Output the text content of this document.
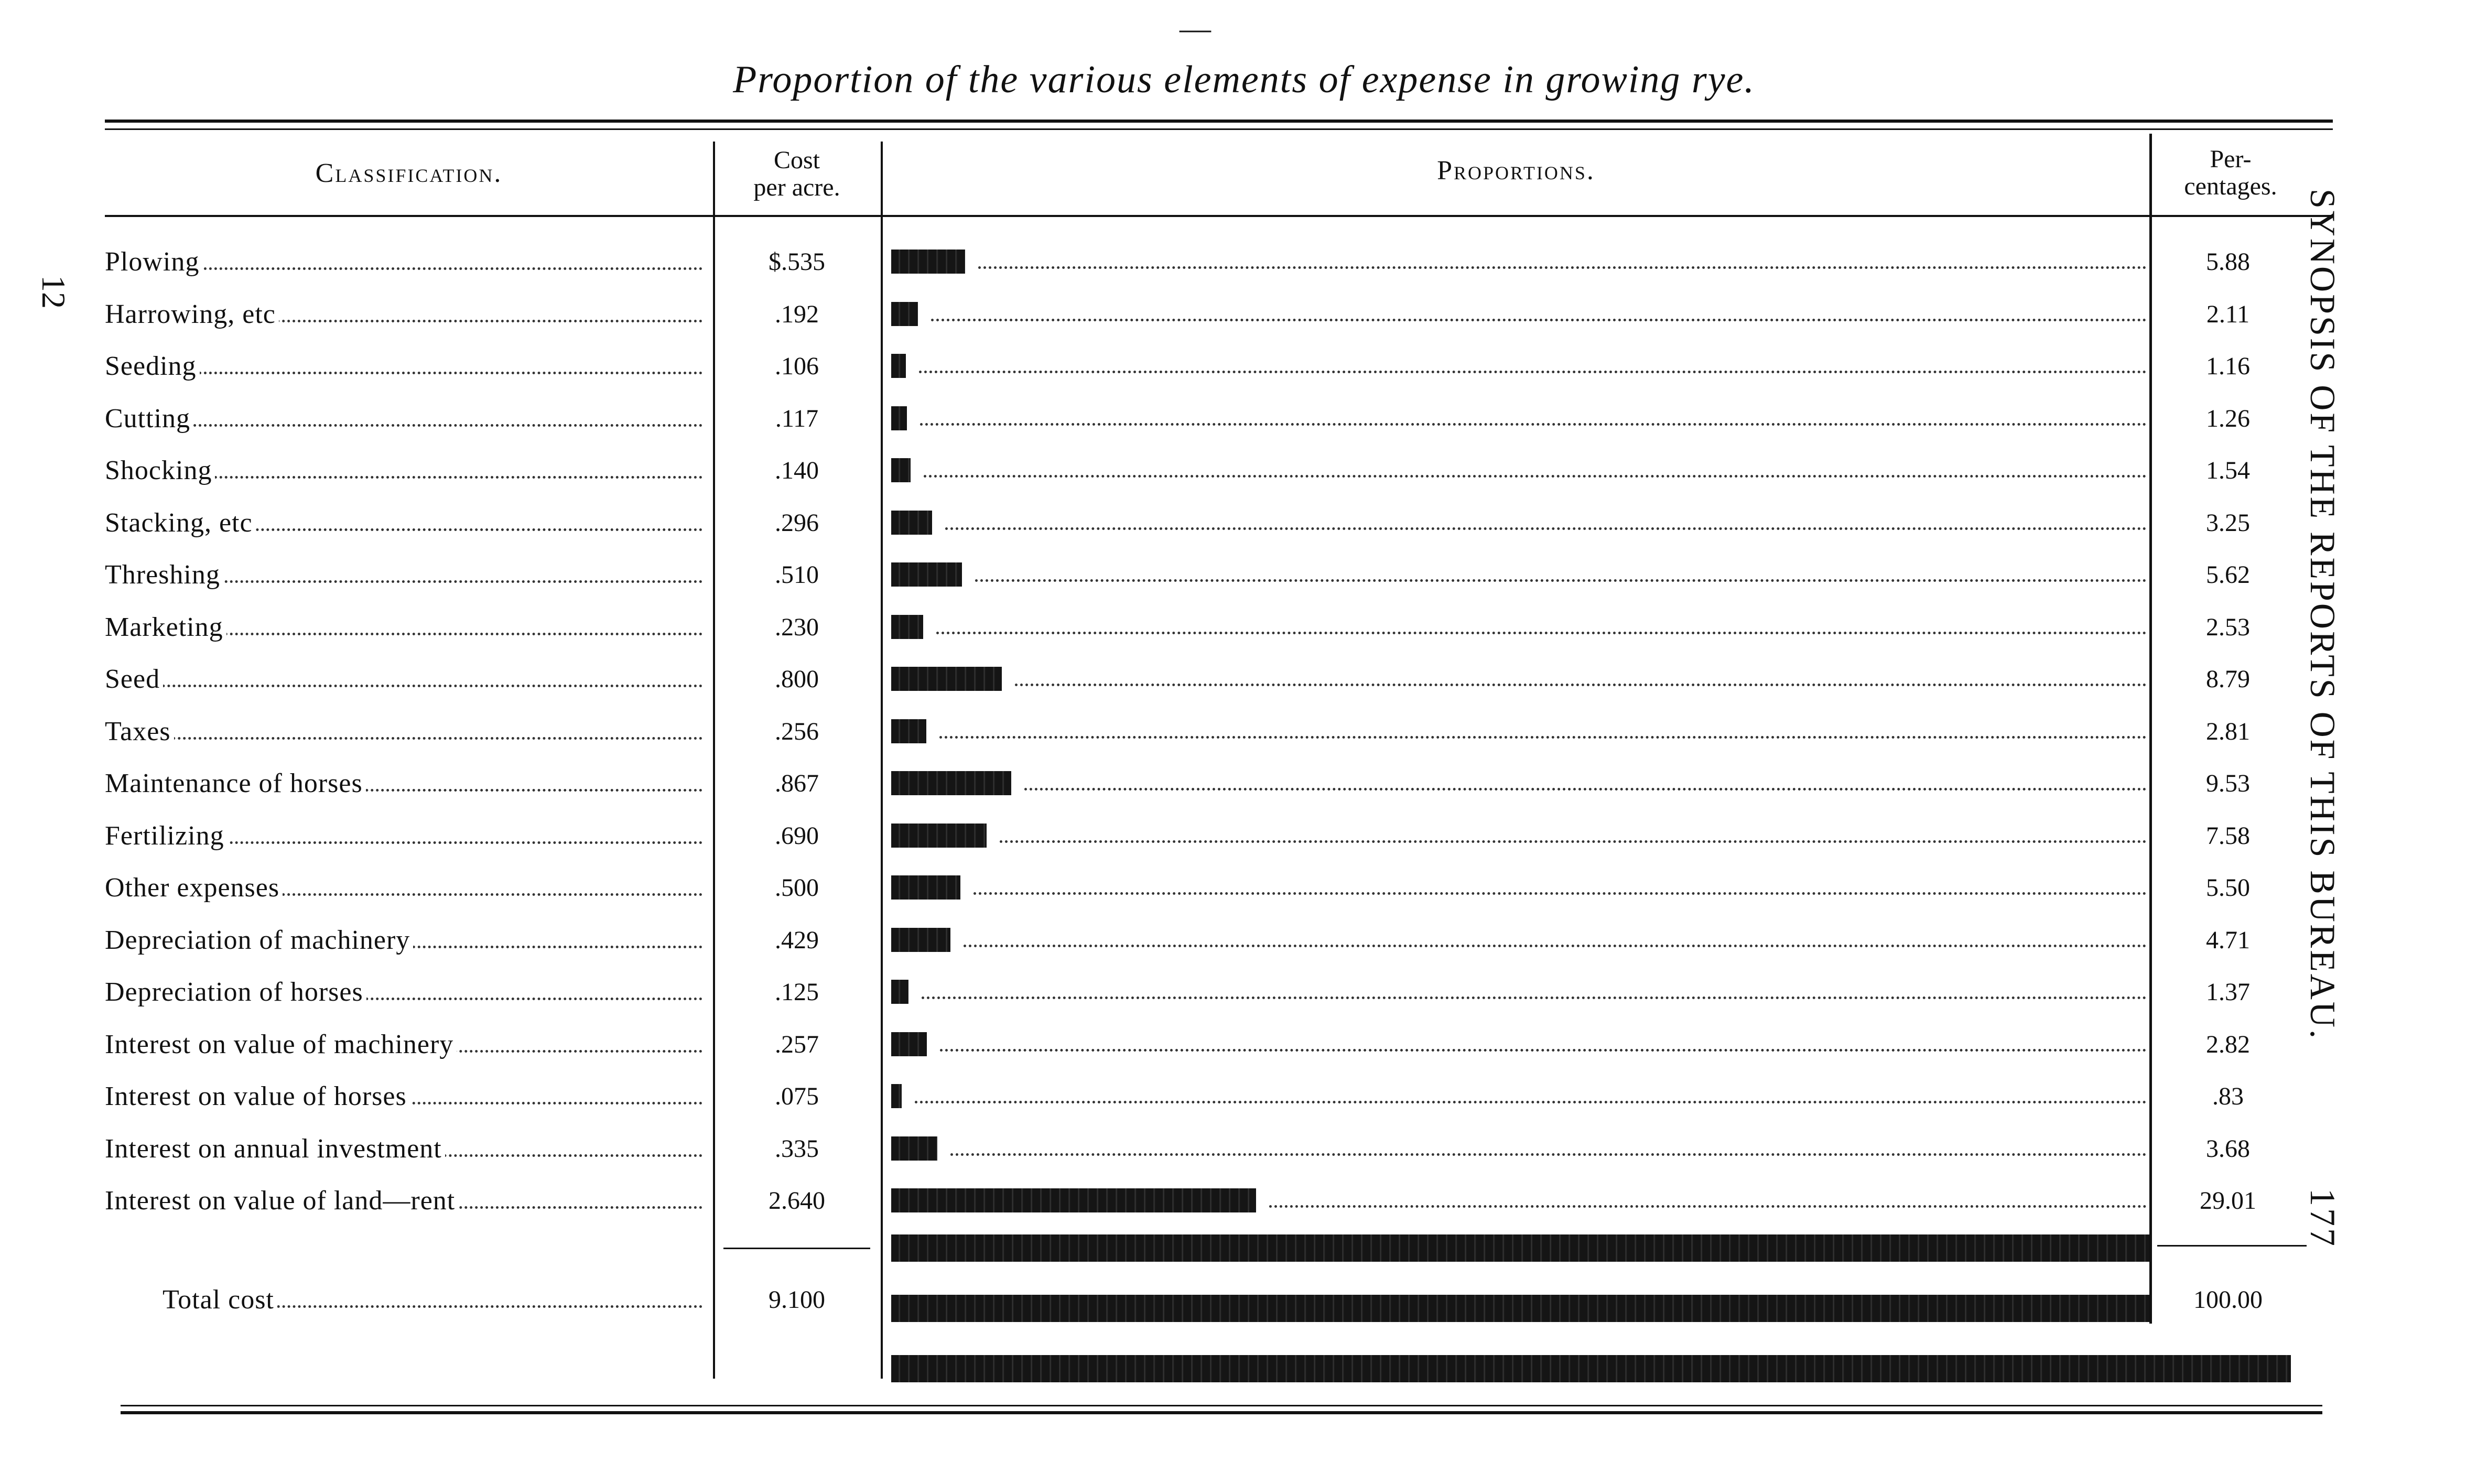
—
Proportion of the various elements of expense in growing rye.
Classification.	Cost
per acre.
Proportions.	Per-
centages.
Plowing	$.535	5.88
Harrowing, etc	.192	2.11
Seeding	.106	1.16
Cutting	.117	1.26
Shocking	.140	1.54
Stacking, etc	.296	3.25
Threshing	.510	5.62
Marketing	.230	2.53
Seed	.800	8.79
Taxes	.256	2.81
Maintenance of horses	.867	9.53
Fertilizing	.690	7.58
Other expenses	.500	5.50
Depreciation of machinery	.429	4.71
Depreciation of horses	.125	1.37
Interest on value of machinery	.257	2.82
Interest on value of horses	.075	.83
Interest on annual investment	.335	3.68
Interest on value of land—rent	2.640	29.01
Total cost	9.100	100.00
12	SYNOPSIS OF THE REPORTS OF THIS BUREAU.  177
